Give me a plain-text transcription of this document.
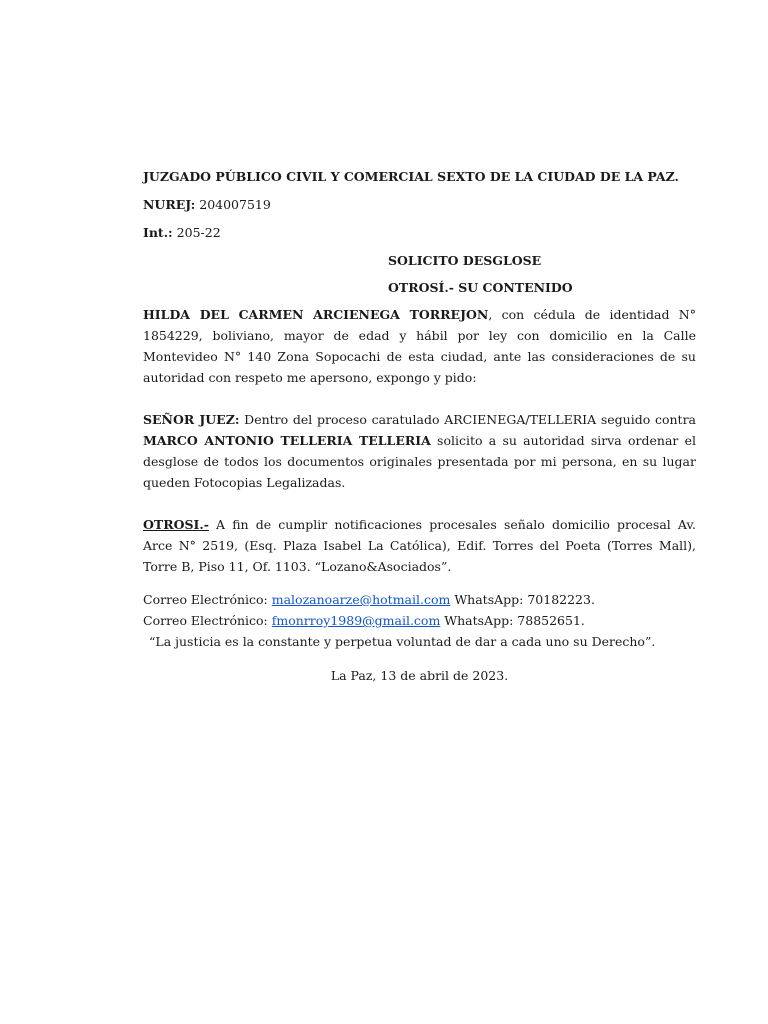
JUZGADO PÚBLICO CIVIL Y COMERCIAL SEXTO DE LA CIUDAD DE LA PAZ.

NUREJ: 204007519

Int.: 205-22

SOLICITO DESGLOSE

OTROSÍ.- SU CONTENIDO

HILDA DEL CARMEN ARCIENEGA TORREJON, con cédula de identidad N° 1854229, boliviano, mayor de edad y hábil por ley con domicilio en la Calle Montevideo N° 140 Zona Sopocachi de esta ciudad, ante las consideraciones de su autoridad con respeto me apersono, expongo y pido:

SEÑOR JUEZ: Dentro del proceso caratulado ARCIENEGA/TELLERIA seguido contra MARCO ANTONIO TELLERIA TELLERIA solicito a su autoridad sirva ordenar el desglose de todos los documentos originales presentada por mi persona, en su lugar queden Fotocopias Legalizadas.

OTROSI.- A fin de cumplir notificaciones procesales señalo domicilio procesal Av. Arce N° 2519, (Esq. Plaza Isabel La Católica), Edif. Torres del Poeta (Torres Mall), Torre B, Piso 11, Of. 1103. “Lozano&Asociados”.

Correo Electrónico: malozanoarze@hotmail.com WhatsApp: 70182223.

Correo Electrónico: fmonrroy1989@gmail.com WhatsApp: 78852651.

“La justicia es la constante y perpetua voluntad de dar a cada uno su Derecho”.

La Paz, 13 de abril de 2023.
